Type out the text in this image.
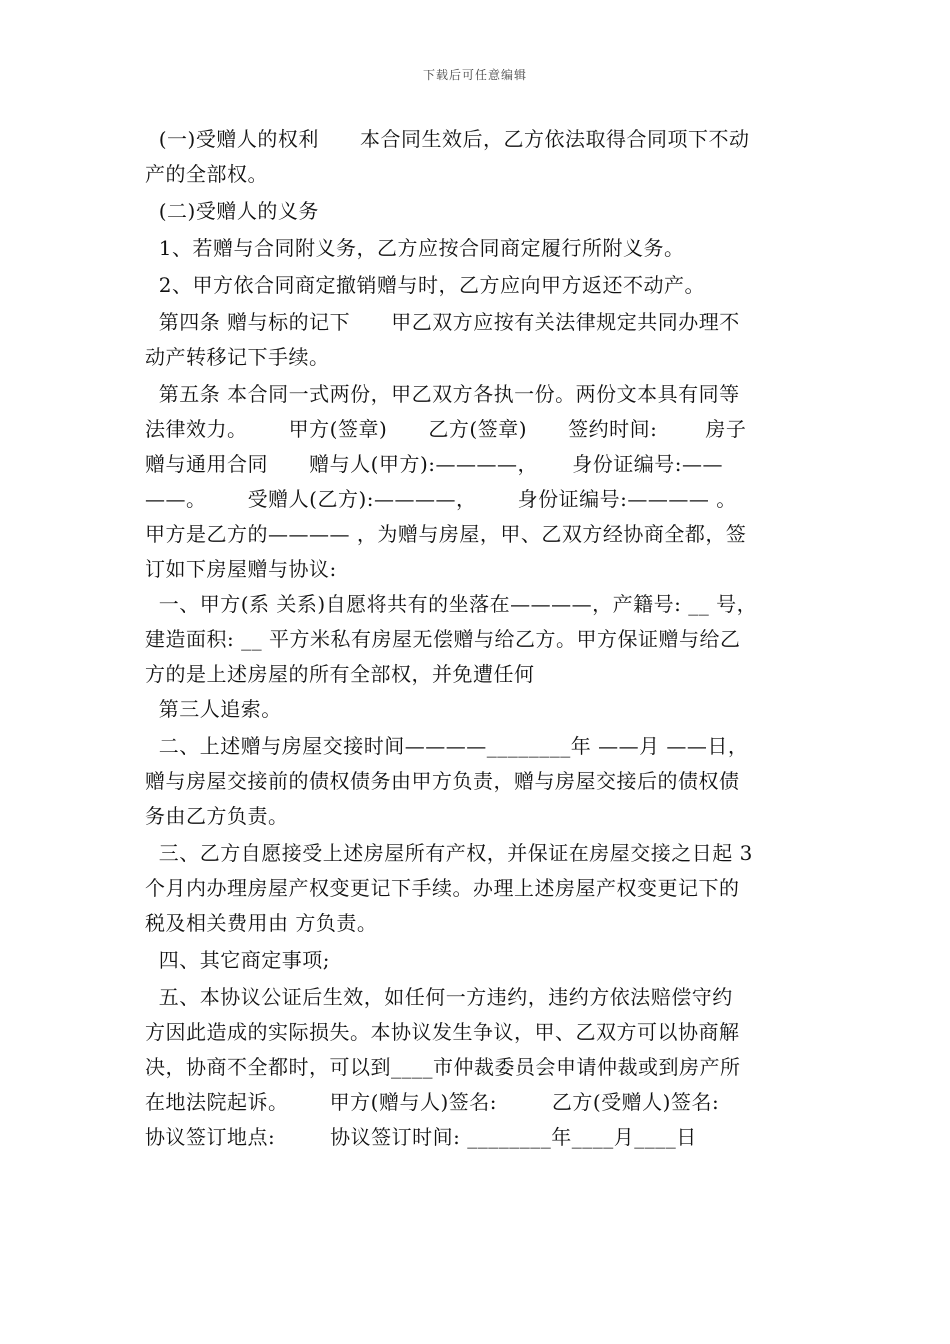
下载后可任意编辑
(一)受赠人的权利      本合同生效后，乙方依法取得合同项下不动
产的全部权。
(二)受赠人的义务
1、若赠与合同附义务，乙方应按合同商定履行所附义务。
2、甲方依合同商定撤销赠与时，乙方应向甲方返还不动产。
第四条 赠与标的记下      甲乙双方应按有关法律规定共同办理不
动产转移记下手续。
第五条 本合同一式两份，甲乙双方各执一份。两份文本具有同等
法律效力。      甲方(签章)      乙方(签章)      签约时间:       房子
赠与通用合同      赠与人(甲方):————，     身份证编号:——
——。      受赠人(乙方):————，      身份证编号:———— 。
甲方是乙方的———— ，为赠与房屋，甲、乙双方经协商全都，签
订如下房屋赠与协议:
一、甲方(系 关系)自愿将共有的坐落在————，产籍号: __ 号，
建造面积: __ 平方米私有房屋无偿赠与给乙方。甲方保证赠与给乙
方的是上述房屋的所有全部权，并免遭任何
第三人追索。
二、上述赠与房屋交接时间————________年 ——月 ——日，
赠与房屋交接前的债权债务由甲方负责，赠与房屋交接后的债权债
务由乙方负责。
三、乙方自愿接受上述房屋所有产权，并保证在房屋交接之日起 3
个月内办理房屋产权变更记下手续。办理上述房屋产权变更记下的
税及相关费用由 方负责。
四、其它商定事项;
五、本协议公证后生效，如任何一方违约，违约方依法赔偿守约
方因此造成的实际损失。本协议发生争议，甲、乙双方可以协商解
决，协商不全都时，可以到____市仲裁委员会申请仲裁或到房产所
在地法院起诉。      甲方(赠与人)签名:        乙方(受赠人)签名:
协议签订地点:        协议签订时间: ________年____月____日
